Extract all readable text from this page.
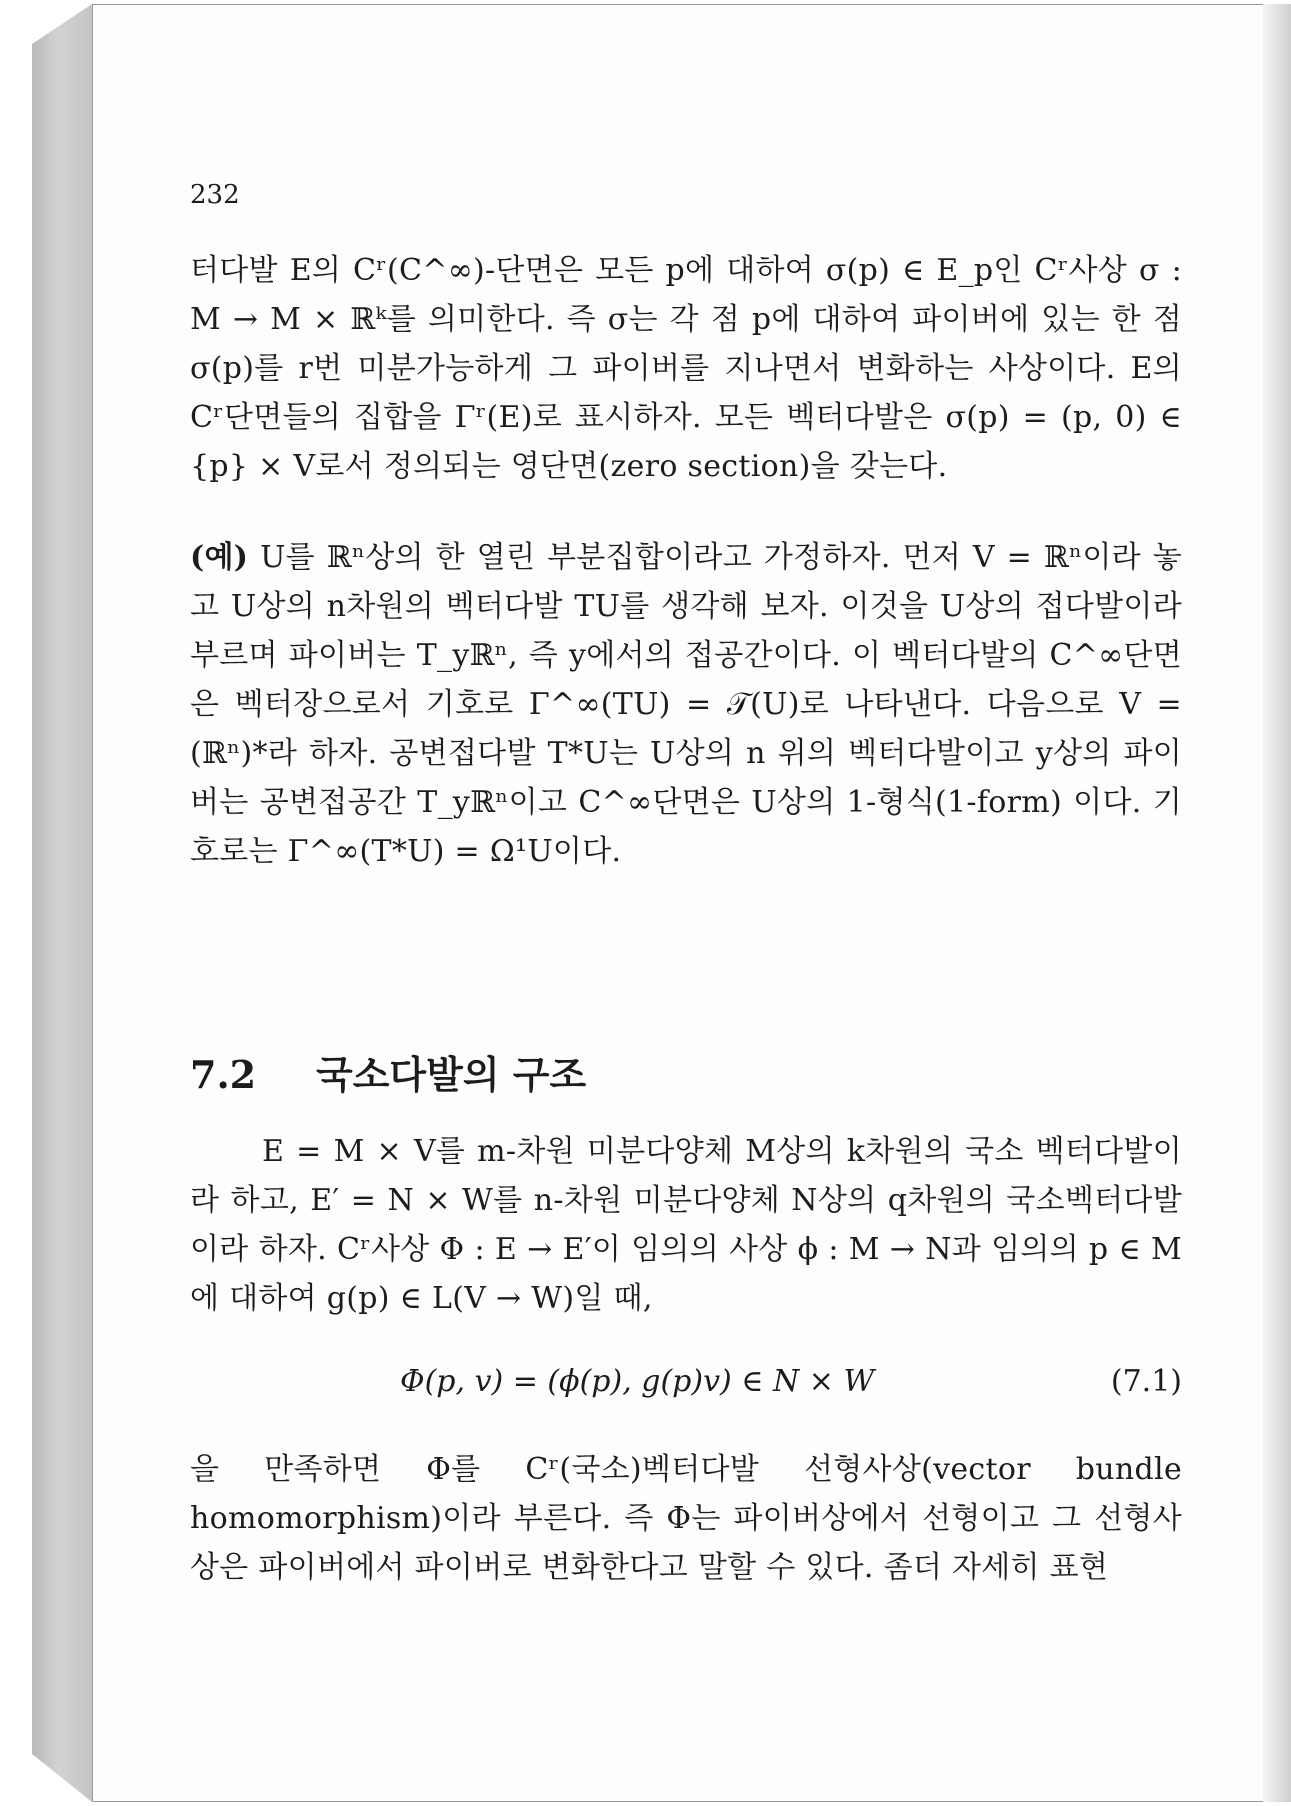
232

터다발 E의 Cʳ(C^∞)-단면은 모든 p에 대하여 σ(p) ∈ E_p인 Cʳ사상 σ : M → M × ℝᵏ를 의미한다. 즉 σ는 각 점 p에 대하여 파이버에 있는 한 점 σ(p)를 r번 미분가능하게 그 파이버를 지나면서 변화하는 사상이다. E의 Cʳ단면들의 집합을 Γʳ(E)로 표시하자. 모든 벡터다발은 σ(p) = (p, 0) ∈ {p} × V로서 정의되는 영단면(zero section)을 갖는다.

(예) U를 ℝⁿ상의 한 열린 부분집합이라고 가정하자. 먼저 V = ℝⁿ이라 놓고 U상의 n차원의 벡터다발 TU를 생각해 보자. 이것을 U상의 접다발이라 부르며 파이버는 T_yℝⁿ, 즉 y에서의 접공간이다. 이 벡터다발의 C^∞단면은 벡터장으로서 기호로 Γ^∞(TU) = 𝒯(U)로 나타낸다. 다음으로 V = (ℝⁿ)*라 하자. 공변접다발 T*U는 U상의 n 위의 벡터다발이고 y상의 파이버는 공변접공간 T_yℝⁿ이고 C^∞단면은 U상의 1-형식(1-form) 이다. 기호로는 Γ^∞(T*U) = Ω¹U이다.

7.2	국소다발의 구조

E = M × V를 m-차원 미분다양체 M상의 k차원의 국소 벡터다발이라 하고, E′ = N × W를 n-차원 미분다양체 N상의 q차원의 국소벡터다발이라 하자. Cʳ사상 Φ : E → E′이 임의의 사상 ϕ : M → N과 임의의 p ∈ M에 대하여 g(p) ∈ L(V → W)일 때,

Φ(p, v) = (ϕ(p), g(p)v) ∈ N × W	(7.1)

을 만족하면 Φ를 Cʳ(국소)벡터다발 선형사상(vector bundle homomorphism)이라 부른다. 즉 Φ는 파이버상에서 선형이고 그 선형사상은 파이버에서 파이버로 변화한다고 말할 수 있다. 좀더 자세히 표현
